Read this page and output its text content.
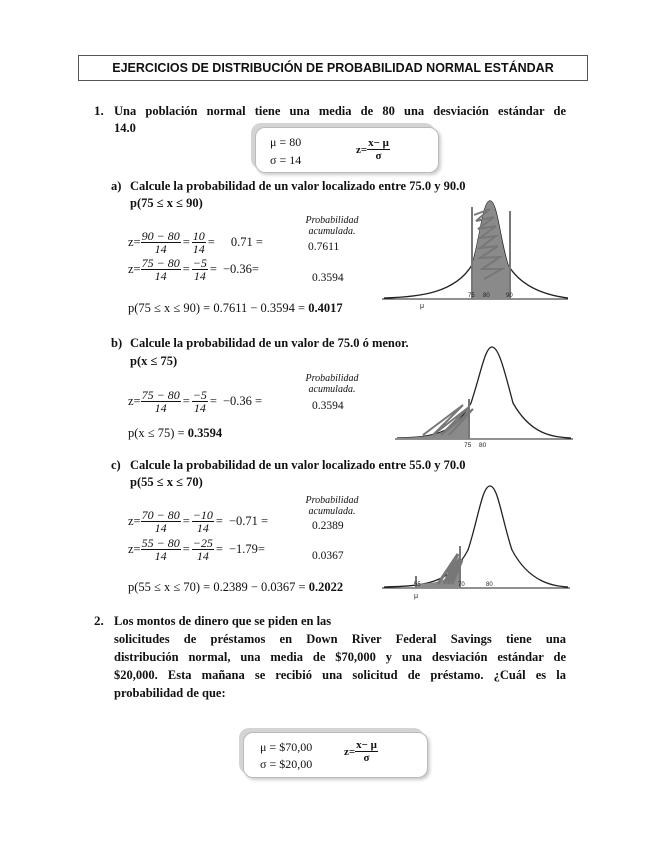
EJERCICIOS DE DISTRIBUCIÓN DE PROBABILIDAD NORMAL ESTÁNDAR
1. Una población normal tiene una media de 80 una desviación estándar de
14.0
μ = 80
σ = 14
$z= \frac{x- \mu}{\sigma}$
a) Calcule la probabilidad de un valor localizado entre 75.0 y 90.0
p(75 ≤ x ≤ 90)
Probabilidad
acumulada.
$z= \frac{90 - 80}{14} = \frac{10}{14} = 0.71$ =	0.7611
$z= \frac{75 - 80}{14} = \frac{-5}{14} = -0.36=$
0.3594
p(75 ≤ x ≤ 90) = 0.7611 − 0.3594 = 0.4017
75 80	90
μ
b) Calcule la probabilidad de un valor de 75.0 ó menor.
p(x ≤ 75)
Probabilidad
acumulada.
$z= \frac{75 - 80}{14} = \frac{-5}{14} = -0.36$ =	0.3594
p(x ≤ 75) = 0.3594
75 80
c) Calcule la probabilidad de un valor localizado entre 55.0 y 70.0
p(55 ≤ x ≤ 70)
Probabilidad
acumulada.
$z= \frac{70 - 80}{14} = \frac{-10}{14} = -0.71$ =	0.2389
$z= \frac{55 - 80}{14} = \frac{-25}{14} = -1.79=$	0.0367
p(55 ≤ x ≤ 70) = 0.2389 − 0.0367 = 0.2022	55	70	80
μ
2. Los montos de dinero que se piden en las
solicitudes de préstamos en Down River Federal Savings tiene una
distribución normal, una media de $70,000 y una desviación estándar de
$20,000. Esta mañana se recibió una solicitud de préstamo. ¿Cuál es la
probabilidad de que:
μ = $70,00
σ = $20,00
$z= \frac{x- \mu}{\sigma}$
